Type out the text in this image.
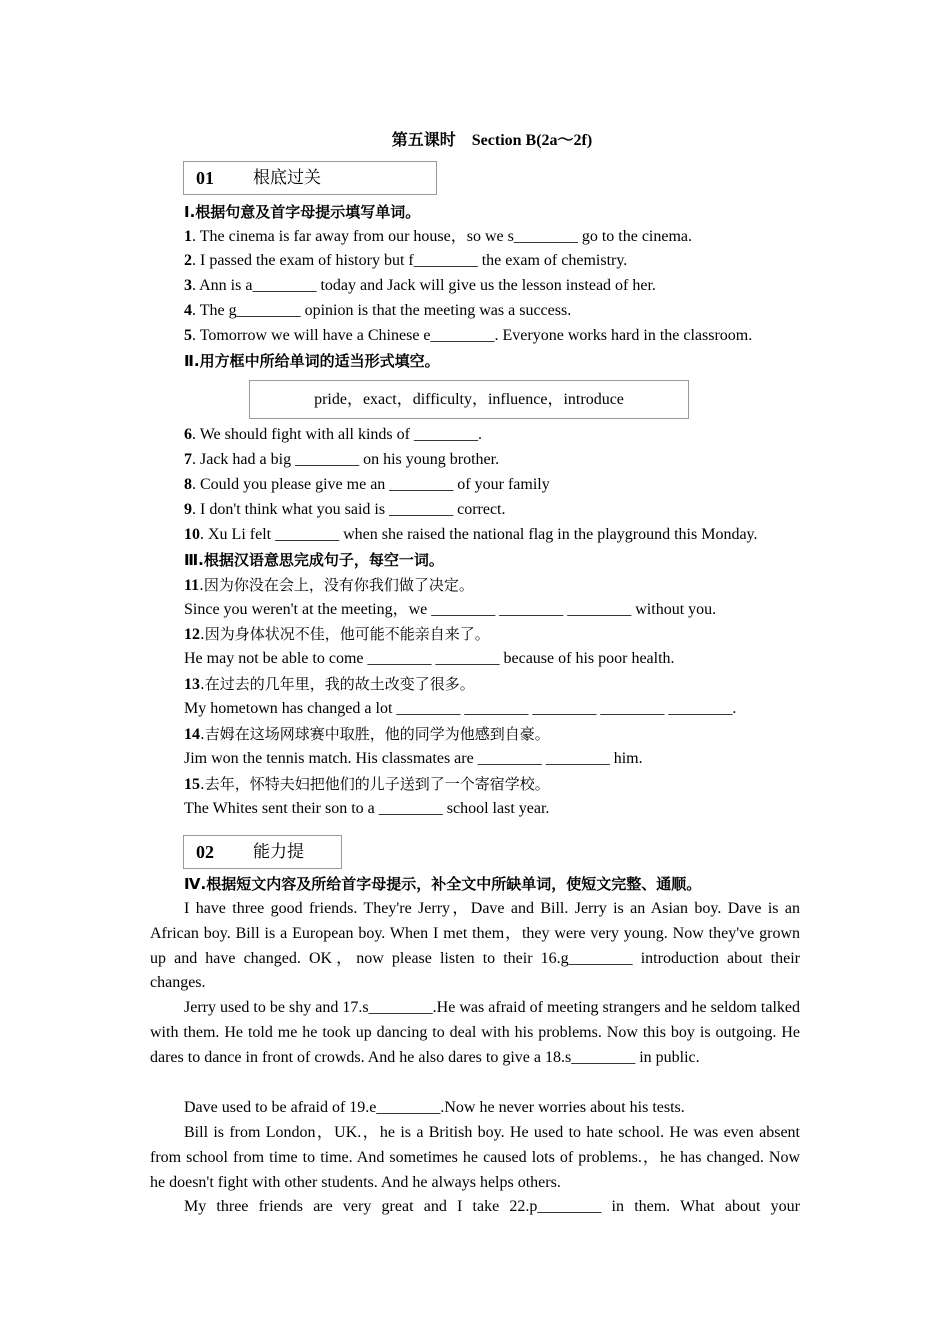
第五课时　Section B(2a～2f)
01 根底过关
Ⅰ.根据句意及首字母提示填写单词。
1. The cinema is far away from our house，so we s________ go to the cinema.
2. I passed the exam of history but f________ the exam of chemistry.
3. Ann is a________ today and Jack will give us the lesson instead of her.
4. The g________ opinion is that the meeting was a success.
5. Tomorrow we will have a Chinese e________. Everyone works hard in the classroom.
Ⅱ.用方框中所给单词的适当形式填空。
pride，exact，difficulty，influence，introduce
6. We should fight with all kinds of ________.
7. Jack had a big ________ on his young brother.
8. Could you please give me an ________ of your family
9. I don't think what you said is ________ correct.
10. Xu Li felt ________ when she raised the national flag in the playground this Monday.
Ⅲ.根据汉语意思完成句子，每空一词。
11.因为你没在会上，没有你我们做了决定。
Since you weren't at the meeting，we ________ ________ ________ without you.
12.因为身体状况不佳，他可能不能亲自来了。
He may not be able to come ________ ________ because of his poor health.
13.在过去的几年里，我的故土改变了很多。
My hometown has changed a lot ________ ________ ________ ________ ________.
14.吉姆在这场网球赛中取胜，他的同学为他感到自豪。
Jim won the tennis match. His classmates are ________ ________ him.
15.去年，怀特夫妇把他们的儿子送到了一个寄宿学校。
The Whites sent their son to a ________ school last year.
02 能力提
Ⅳ.根据短文内容及所给首字母提示，补全文中所缺单词，使短文完整、通顺。
I have three good friends. They're Jerry，Dave and Bill. Jerry is an Asian boy. Dave is an African boy. Bill is a European boy. When I met them，they were very young. Now they've grown up and have changed. OK，now please listen to their 16.g________ introduction about their changes.
Jerry used to be shy and 17.s________.He was afraid of meeting strangers and he seldom talked with them. He told me he took up dancing to deal with his problems. Now this boy is outgoing. He dares to dance in front of crowds. And he also dares to give a 18.s________ in public.
Dave used to be afraid of 19.e________.Now he never worries about his tests.
Bill is from London，UK.，he is a British boy. He used to hate school. He was even absent from school from time to time. And sometimes he caused lots of problems.，he has changed. Now he doesn't fight with other students. And he always helps others.
My three friends are very great and I take 22.p________ in them. What about your
